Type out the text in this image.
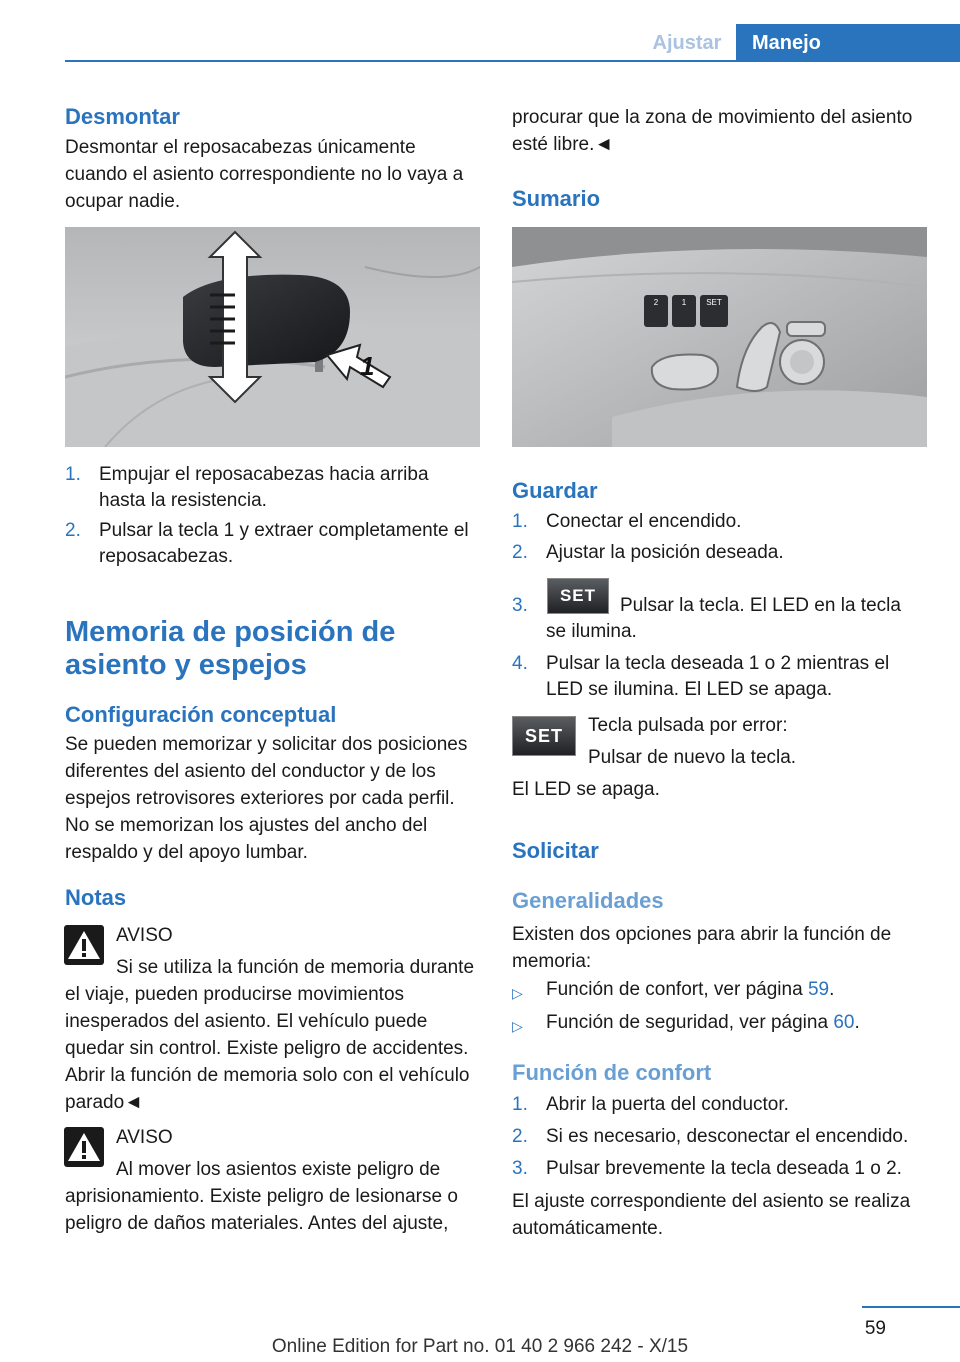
Ajustar	Manejo
Desmontar
Desmontar el reposacabezas únicamente cuando el asiento correspondiente no lo vaya a ocupar nadie.
1
1. Empujar el reposacabezas hacia arriba hasta la resistencia.
2. Pulsar la tecla 1 y extraer completamente el reposacabezas.
Memoria de posición de
asiento y espejos
Configuración conceptual
Se pueden memorizar y solicitar dos posiciones diferentes del asiento del conductor y de los espejos retrovisores exteriores por cada perfil. No se memorizan los ajustes del ancho del respaldo y del apoyo lumbar.
Notas
AVISO
Si se utiliza la función de memoria durante el viaje, pueden producirse movimientos inesperados del asiento. El vehículo puede quedar sin control. Existe peligro de accidentes. Abrir la función de memoria solo con el vehículo parado◄
AVISO
Al mover los asientos existe peligro de aprisionamiento. Existe peligro de lesionarse o peligro de daños materiales. Antes del ajuste,
procurar que la zona de movimiento del asiento esté libre.◄
Sumario
2	1 SET
Guardar
1. Conectar el encendido.
2. Ajustar la posición deseada.
3.	Pulsar la tecla. El LED en la tecla se ilumina.
SET
4. Pulsar la tecla deseada 1 o 2 mientras el LED se ilumina. El LED se apaga.
SET	Tecla pulsada por error:
Pulsar de nuevo la tecla.
El LED se apaga.
Solicitar
Generalidades
Existen dos opciones para abrir la función de memoria:
▷ Función de confort, ver página 59.
▷ Función de seguridad, ver página 60.
Función de confort
1. Abrir la puerta del conductor.
2. Si es necesario, desconectar el encendido.
3. Pulsar brevemente la tecla deseada 1 o 2.
El ajuste correspondiente del asiento se realiza automáticamente.
59
Online Edition for Part no. 01 40 2 966 242 - X/15
